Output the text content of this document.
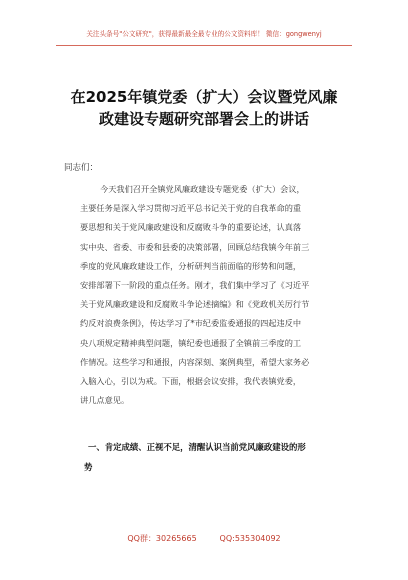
关注头条号"公文研究"，获得最新最全最专业的公文资料库！ 微信：gongwenyj
在2025年镇党委（扩大）会议暨党风廉
政建设专题研究部署会上的讲话
同志们：
今天我们召开全镇党风廉政建设专题党委（扩大）会议，
主要任务是深入学习贯彻习近平总书记关于党的自我革命的重
要思想和关于党风廉政建设和反腐败斗争的重要论述，认真落
实中央、省委、市委和县委的决策部署，回顾总结我镇今年前三
季度的党风廉政建设工作，分析研判当前面临的形势和问题，
安排部署下一阶段的重点任务。刚才，我们集中学习了《习近平
关于党风廉政建设和反腐败斗争论述摘编》和《党政机关厉行节
约反对浪费条例》，传达学习了*市纪委监委通报的四起违反中
央八项规定精神典型问题，镇纪委也通报了全镇前三季度的工
作情况。这些学习和通报，内容深刻、案例典型，希望大家务必
入脑入心，引以为戒。下面，根据会议安排，我代表镇党委，
讲几点意见。
一、肯定成绩、正视不足，清醒认识当前党风廉政建设的形
势
QQ群：30265665         QQ:535304092
